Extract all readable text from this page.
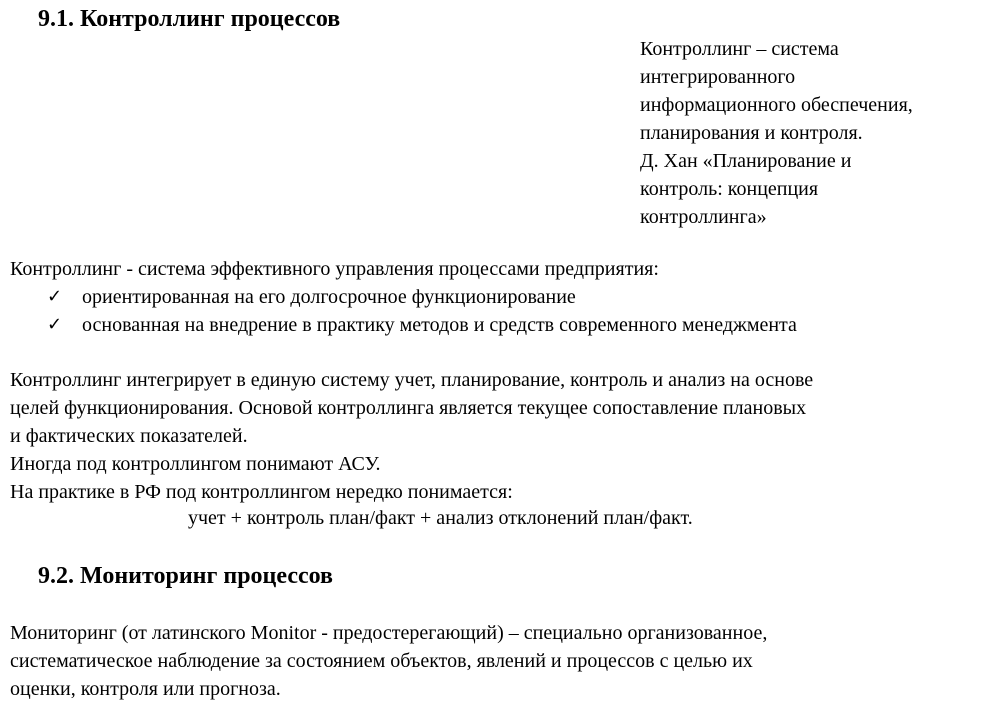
9.1. Контроллинг процессов
Контроллинг – система
интегрированного
информационного обеспечения,
планирования и контроля.
Д. Хан «Планирование и
контроль: концепция
контроллинга»
Контроллинг - система эффективного управления процессами предприятия:
✓ ориентированная на его долгосрочное функционирование
✓ основанная на внедрение в практику методов и средств современного менеджмента
Контроллинг интегрирует в единую систему учет, планирование, контроль и анализ на основе
целей функционирования. Основой контроллинга является текущее сопоставление плановых
и фактических показателей.
Иногда под контроллингом понимают АСУ.
На практике в РФ под контроллингом нередко понимается:
учет + контроль план/факт + анализ отклонений план/факт.
9.2. Мониторинг процессов
Мониторинг (от латинского Monitor - предостерегающий) – специально организованное,
систематическое наблюдение за состоянием объектов, явлений и процессов с целью их
оценки, контроля или прогноза.
